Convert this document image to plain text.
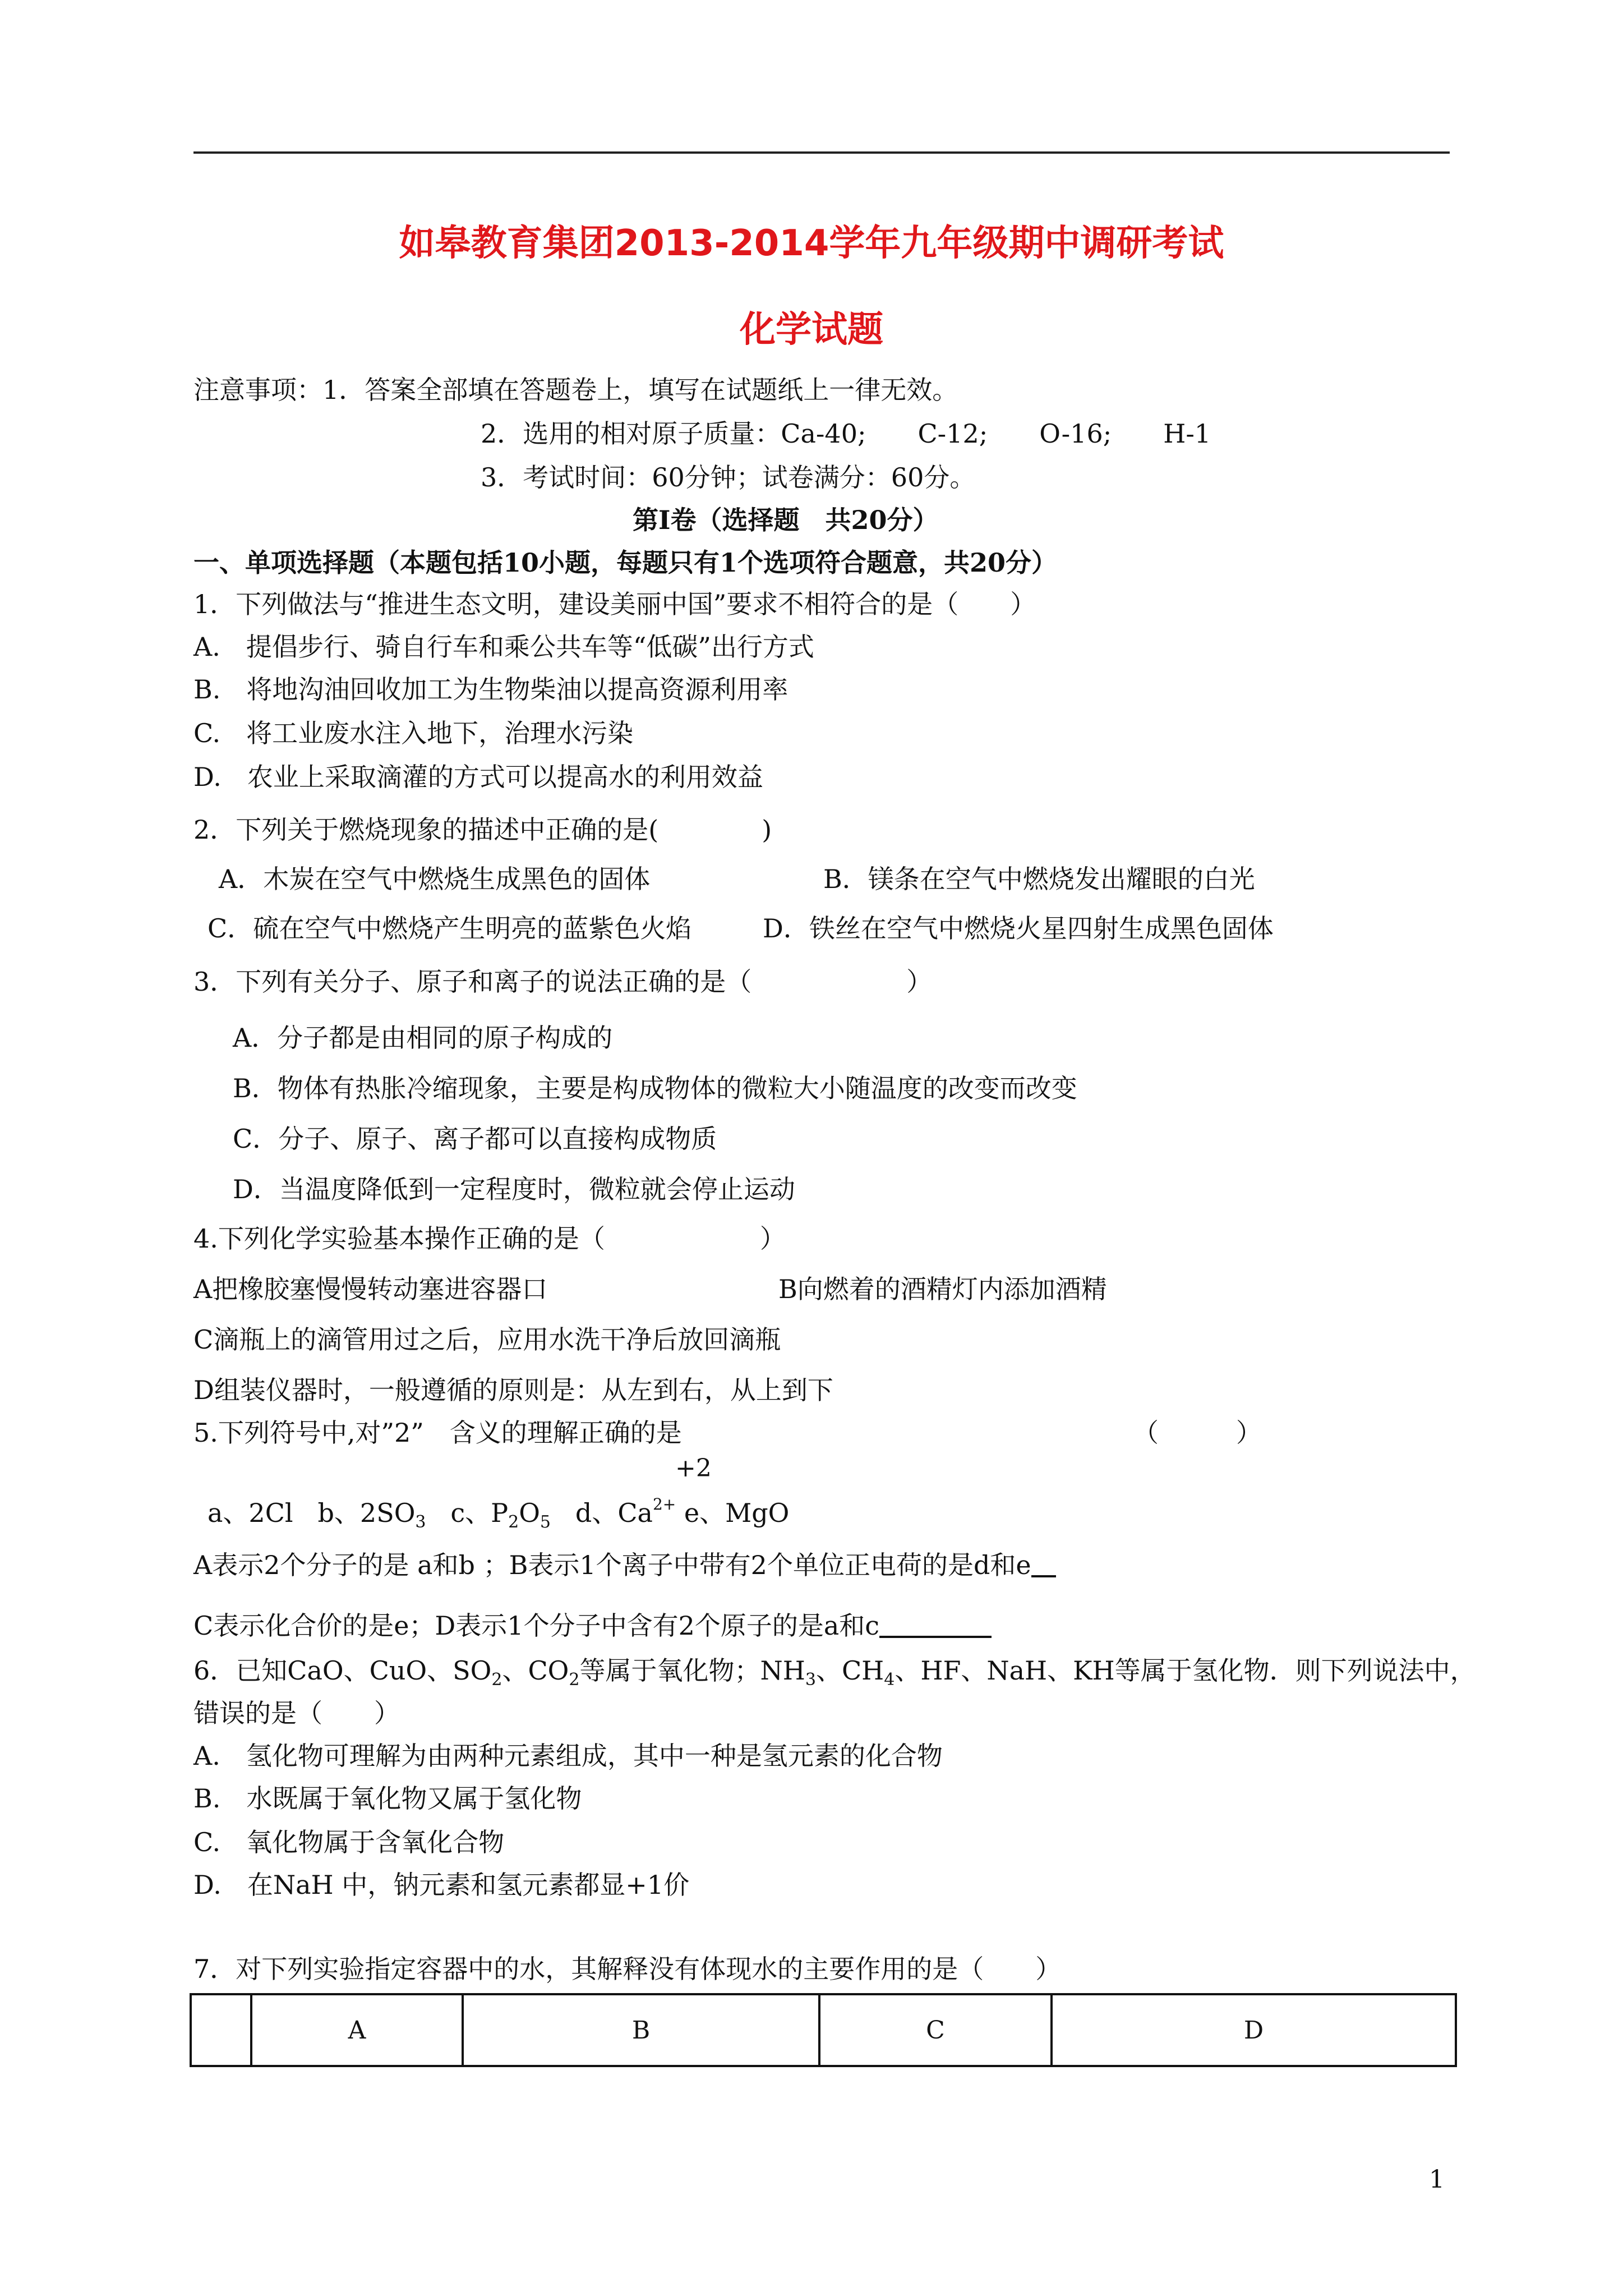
如皋教育集团2013-2014学年九年级期中调研考试
化学试题
注意事项：1．答案全部填在答题卷上，填写在试题纸上一律无效。
2．选用的相对原子质量：Ca-40;　　C-12;　　O-16;　　H-1
3．考试时间：60分钟；试卷满分：60分。
第Ⅰ卷（选择题　共20分）
一、单项选择题（本题包括10小题，每题只有1个选项符合题意，共20分）
1．下列做法与“推进生态文明，建设美丽中国”要求不相符合的是（　　）
A.　提倡步行、骑自行车和乘公共车等“低碳”出行方式
B.　将地沟油回收加工为生物柴油以提高资源利用率
C.　将工业废水注入地下，治理水污染
D.　农业上采取滴灌的方式可以提高水的利用效益
2．下列关于燃烧现象的描述中正确的是(　　　　)
A．木炭在空气中燃烧生成黑色的固体	B．镁条在空气中燃烧发出耀眼的白光
C．硫在空气中燃烧产生明亮的蓝紫色火焰	D．铁丝在空气中燃烧火星四射生成黑色固体
3．下列有关分子、原子和离子的说法正确的是（　　　　　　）
A．分子都是由相同的原子构成的
B．物体有热胀冷缩现象，主要是构成物体的微粒大小随温度的改变而改变
C．分子、原子、离子都可以直接构成物质
D．当温度降低到一定程度时，微粒就会停止运动
4.下列化学实验基本操作正确的是（　　　　　　）
A把橡胶塞慢慢转动塞进容器口	B向燃着的酒精灯内添加酒精
C滴瓶上的滴管用过之后，应用水洗干净后放回滴瓶
D组装仪器时，一般遵循的原则是：从左到右，从上到下
5.下列符号中,对”2”　含义的理解正确的是	（　　　）
+2
a、2Cl b、$2SO_3$ c、$P_2O_5$ d、$Ca^{2+}$ e、MgO
A表示2个分子的是 a和b ；B表示1个离子中带有2个单位正电荷的是d和e
C表示化合价的是e；D表示1个分子中含有2个原子的是a和c
6．已知CaO、CuO、$SO_2$、$CO_2$等属于氧化物；$NH_3$、$CH_4$、HF、NaH、KH等属于氢化物．则下列说法中，
错误的是（　　）
A.　氢化物可理解为由两种元素组成，其中一种是氢元素的化合物
B.　水既属于氧化物又属于氢化物
C.　氧化物属于含氧化合物
D.　在NaH 中，钠元素和氢元素都显+1价
7．对下列实验指定容器中的水，其解释没有体现水的主要作用的是（　　）
	A	B	C	D
1
